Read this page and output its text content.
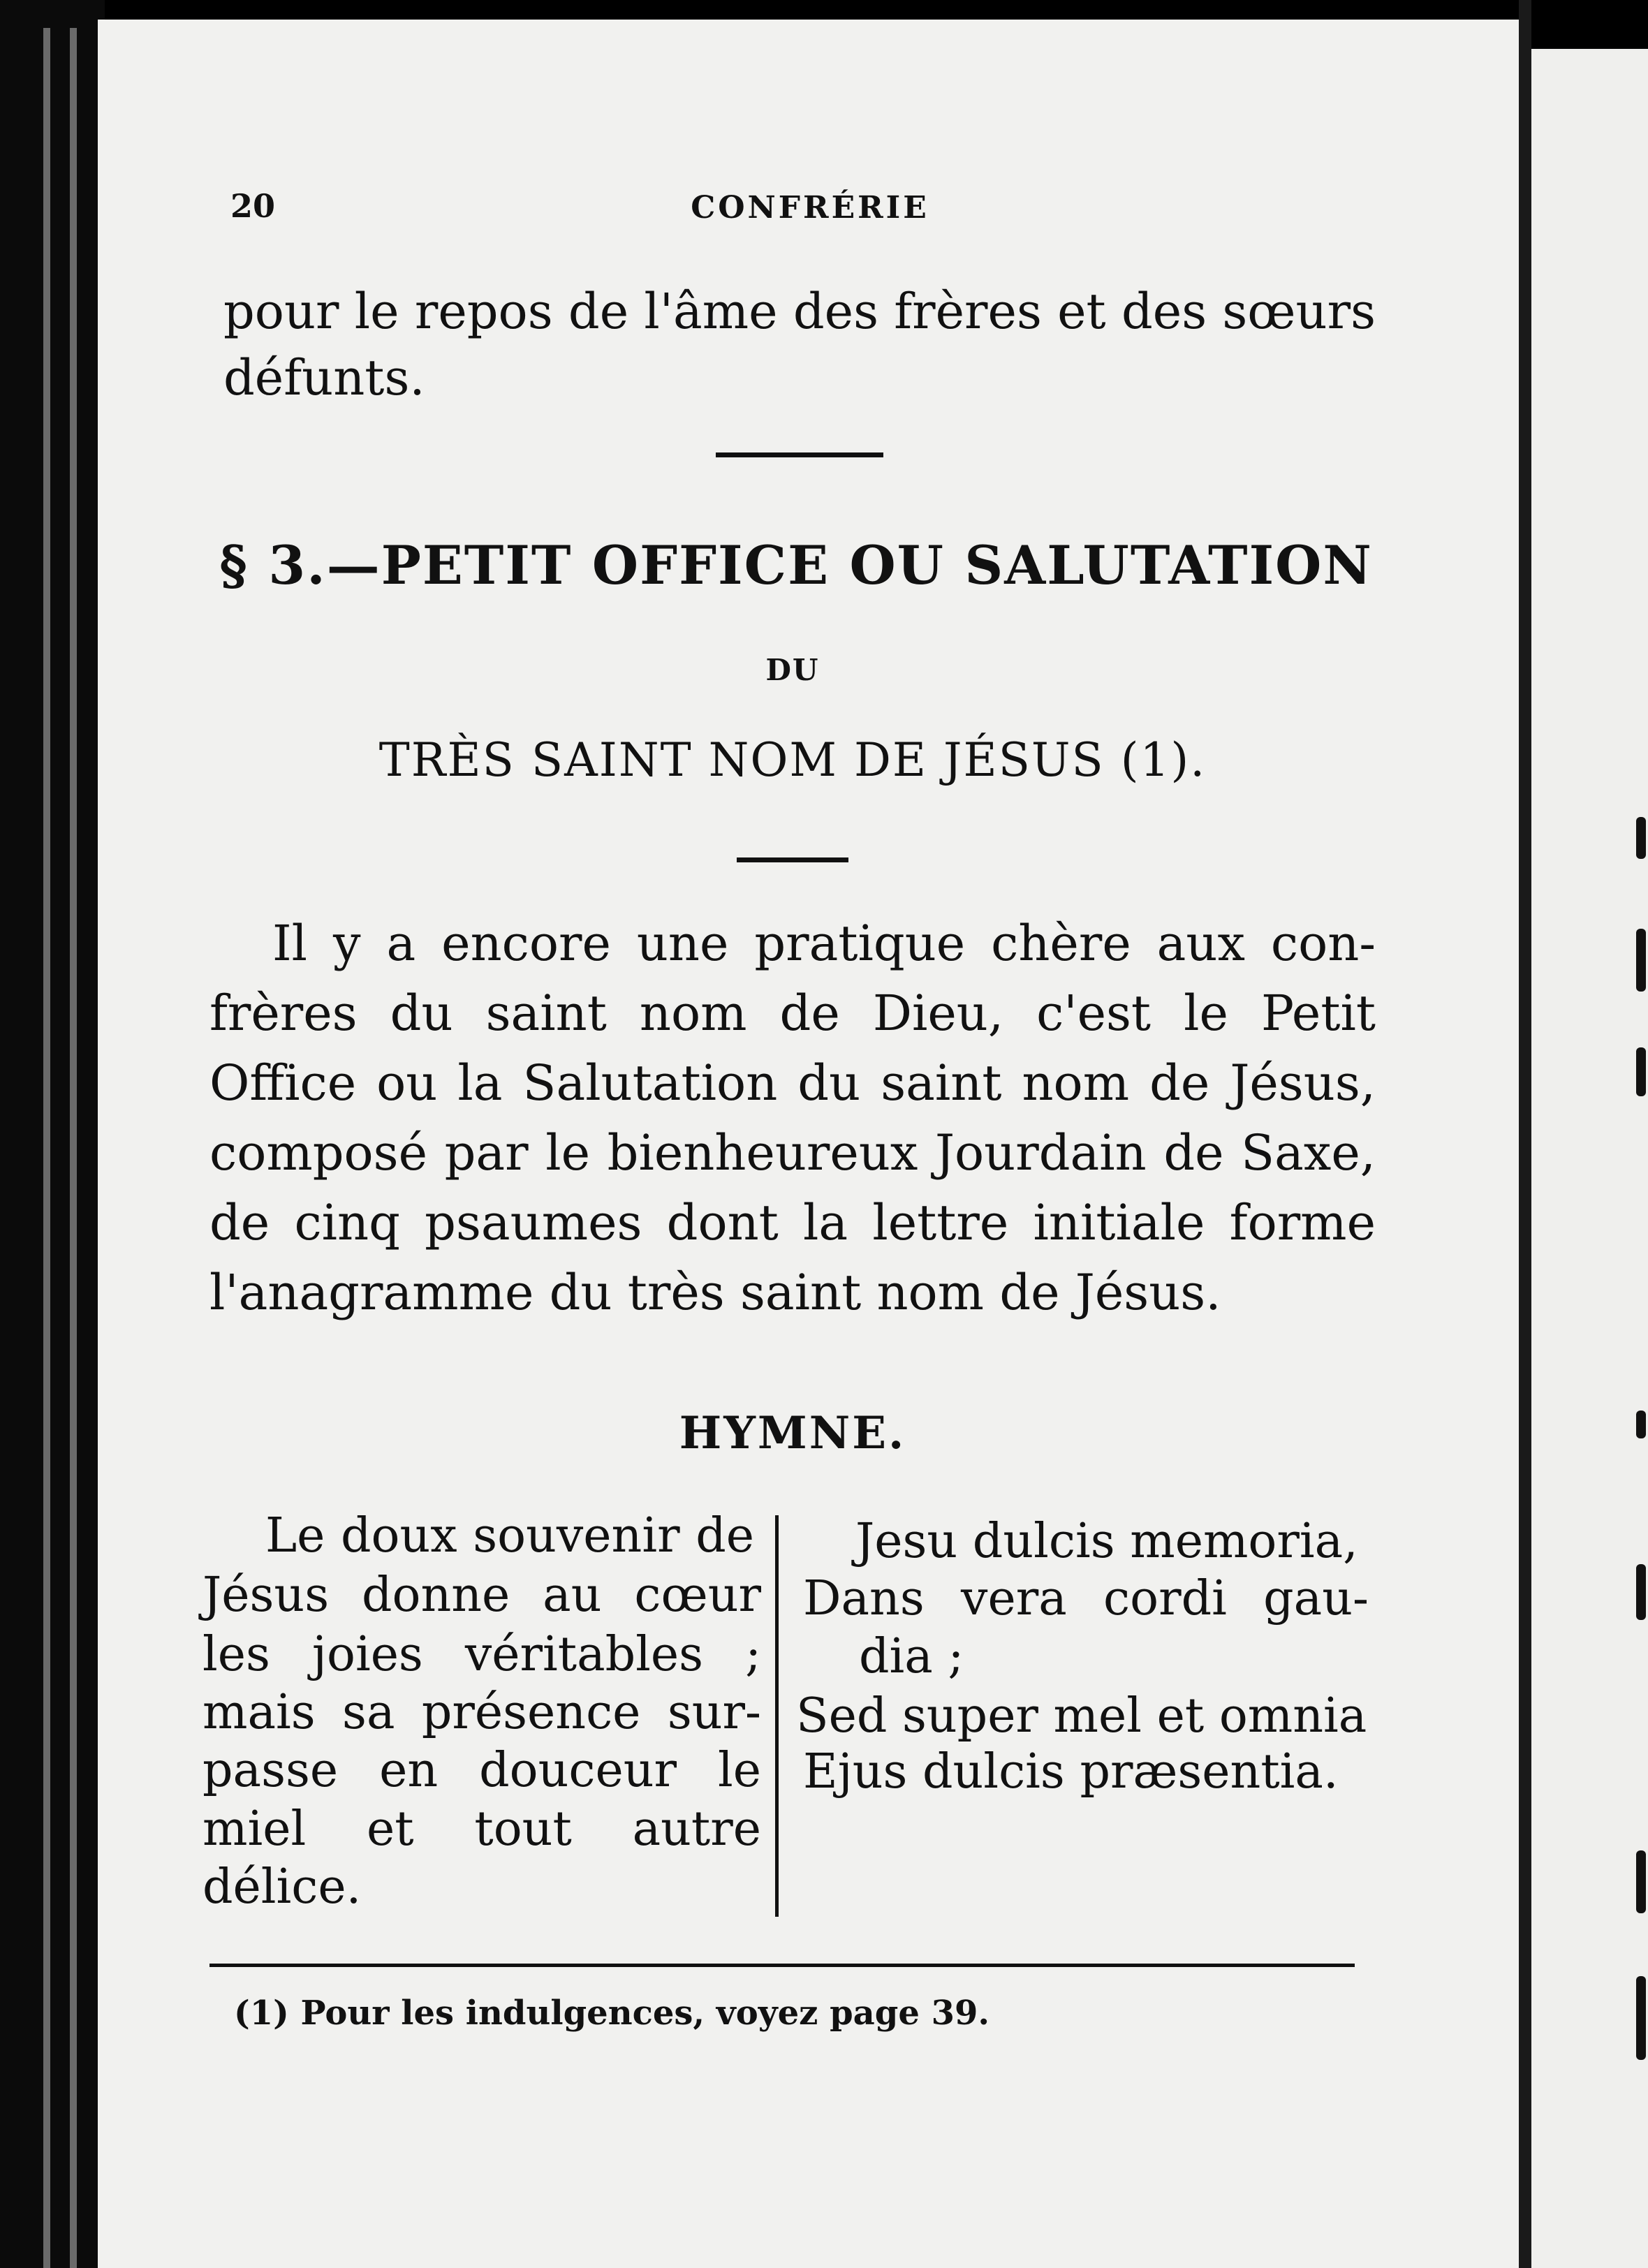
20	CONFRÉRIE
pour le repos de l'âme des frères et des sœurs
défunts.
§ 3.—PETIT OFFICE OU SALUTATION
DU
TRÈS SAINT NOM DE JÉSUS (1).
Il y a encore une pratique chère aux con-
frères du saint nom de Dieu, c'est le Petit
Office ou la Salutation du saint nom de Jésus,
composé par le bienheureux Jourdain de Saxe,
de cinq psaumes dont la lettre initiale forme
l'anagramme du très saint nom de Jésus.
HYMNE.
Le doux souvenir de
Jésus donne au cœur
les joies véritables ;
mais sa présence sur-
passe en douceur le
miel et tout autre
délice.
Jesu dulcis memoria,
Dans vera cordi gau-
dia ;
Sed super mel et omnia
Ejus dulcis præsentia.
(1) Pour les indulgences, voyez page 39.
